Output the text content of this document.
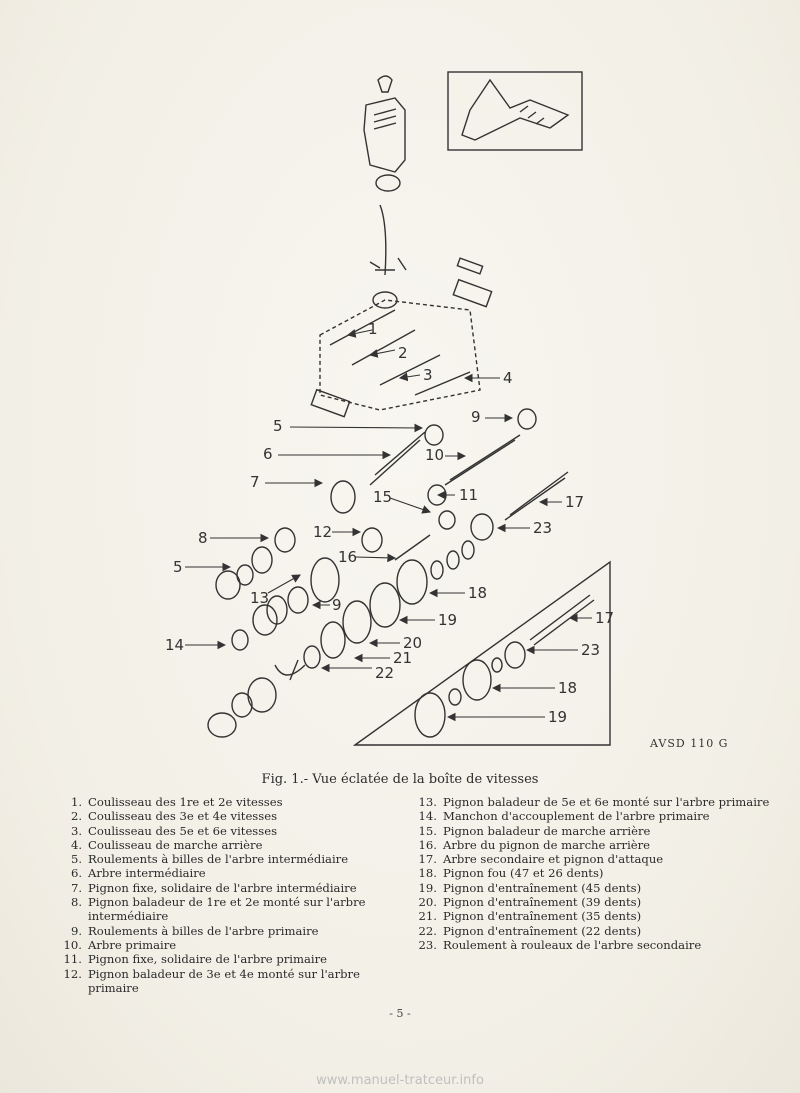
1
2
3	4
5
6
7
9
10
11
15	17
12	23
8
16
5
18
13	9
19
14	20
21
22
17
23
18
19
AVSD 110 G
Fig. 1.- Vue éclatée de la boîte de vitesses
1. Coulisseau des 1re et 2e vitesses
2. Coulisseau des 3e et 4e vitesses
3. Coulisseau des 5e et 6e vitesses
4. Coulisseau de marche arrière
5. Roulements à billes de l'arbre intermédiaire
6. Arbre intermédiaire
7. Pignon fixe, solidaire de l'arbre intermédiaire
8. Pignon baladeur de 1re et 2e monté sur l'arbre intermédiaire
9. Roulements à billes de l'arbre primaire
10. Arbre primaire
11. Pignon fixe, solidaire de l'arbre primaire
12. Pignon baladeur de 3e et 4e monté sur l'arbre primaire
13. Pignon baladeur de 5e et 6e monté sur l'arbre primaire
14. Manchon d'accouplement de l'arbre primaire
15. Pignon baladeur de marche arrière
16. Arbre du pignon de marche arrière
17. Arbre secondaire et pignon d'attaque
18. Pignon fou (47 et 26 dents)
19. Pignon d'entraînement (45 dents)
20. Pignon d'entraînement (39 dents)
21. Pignon d'entraînement (35 dents)
22. Pignon d'entraînement (22 dents)
23. Roulement à rouleaux de l'arbre secondaire
- 5 -
www.manuel-tratceur.info
